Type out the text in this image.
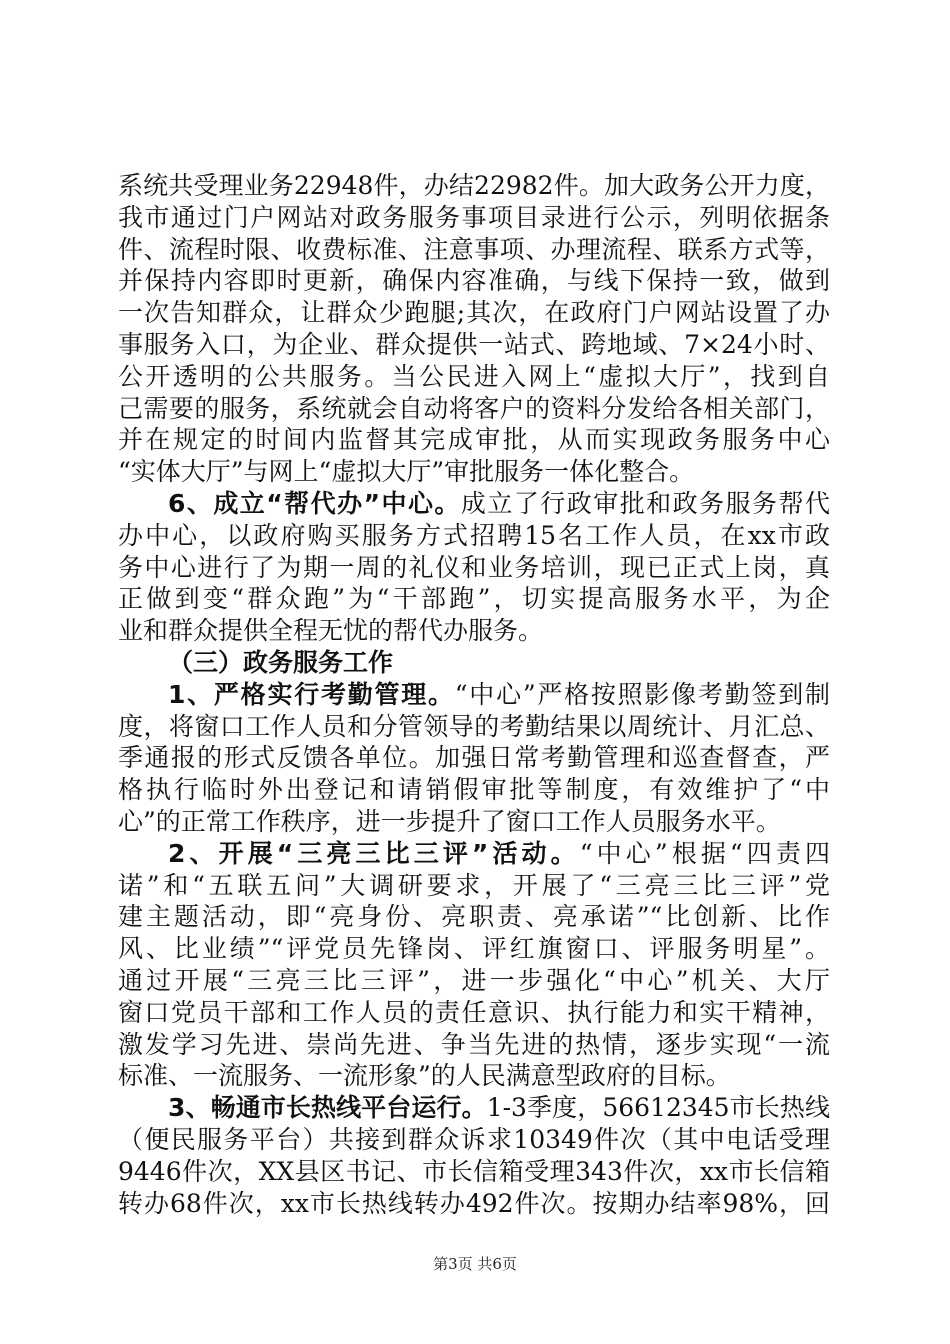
系统共受理业务22948件，办结22982件。加大政务公开力度，
我市通过门户网站对政务服务事项目录进行公示，列明依据条
件、流程时限、收费标准、注意事项、办理流程、联系方式等，
并保持内容即时更新，确保内容准确，与线下保持一致，做到
一次告知群众，让群众少跑腿;其次，在政府门户网站设置了办
事服务入口，为企业、群众提供一站式、跨地域、7×24小时、
公开透明的公共服务。当公民进入网上“虚拟大厅”，找到自
己需要的服务，系统就会自动将客户的资料分发给各相关部门，
并在规定的时间内监督其完成审批，从而实现政务服务中心
“实体大厅”与网上“虚拟大厅”审批服务一体化整合。
6、成立“帮代办”中心。成立了行政审批和政务服务帮代
办中心，以政府购买服务方式招聘15名工作人员，在xx市政
务中心进行了为期一周的礼仪和业务培训，现已正式上岗，真
正做到变“群众跑”为“干部跑”，切实提高服务水平，为企
业和群众提供全程无忧的帮代办服务。
（三）政务服务工作
1、严格实行考勤管理。“中心”严格按照影像考勤签到制
度，将窗口工作人员和分管领导的考勤结果以周统计、月汇总、
季通报的形式反馈各单位。加强日常考勤管理和巡查督查，严
格执行临时外出登记和请销假审批等制度，有效维护了“中
心”的正常工作秩序，进一步提升了窗口工作人员服务水平。
2、开展“三亮三比三评”活动。“中心”根据“四责四
诺”和“五联五问”大调研要求，开展了“三亮三比三评”党
建主题活动，即“亮身份、亮职责、亮承诺”“比创新、比作
风、比业绩”“评党员先锋岗、评红旗窗口、评服务明星”。
通过开展“三亮三比三评”，进一步强化“中心”机关、大厅
窗口党员干部和工作人员的责任意识、执行能力和实干精神，
激发学习先进、崇尚先进、争当先进的热情，逐步实现“一流
标准、一流服务、一流形象”的人民满意型政府的目标。
3、畅通市长热线平台运行。1-3季度，56612345市长热线
（便民服务平台）共接到群众诉求10349件次（其中电话受理
9446件次，XX县区书记、市长信箱受理343件次，xx市长信箱
转办68件次，xx市长热线转办492件次。按期办结率98%，回
第3页 共6页
